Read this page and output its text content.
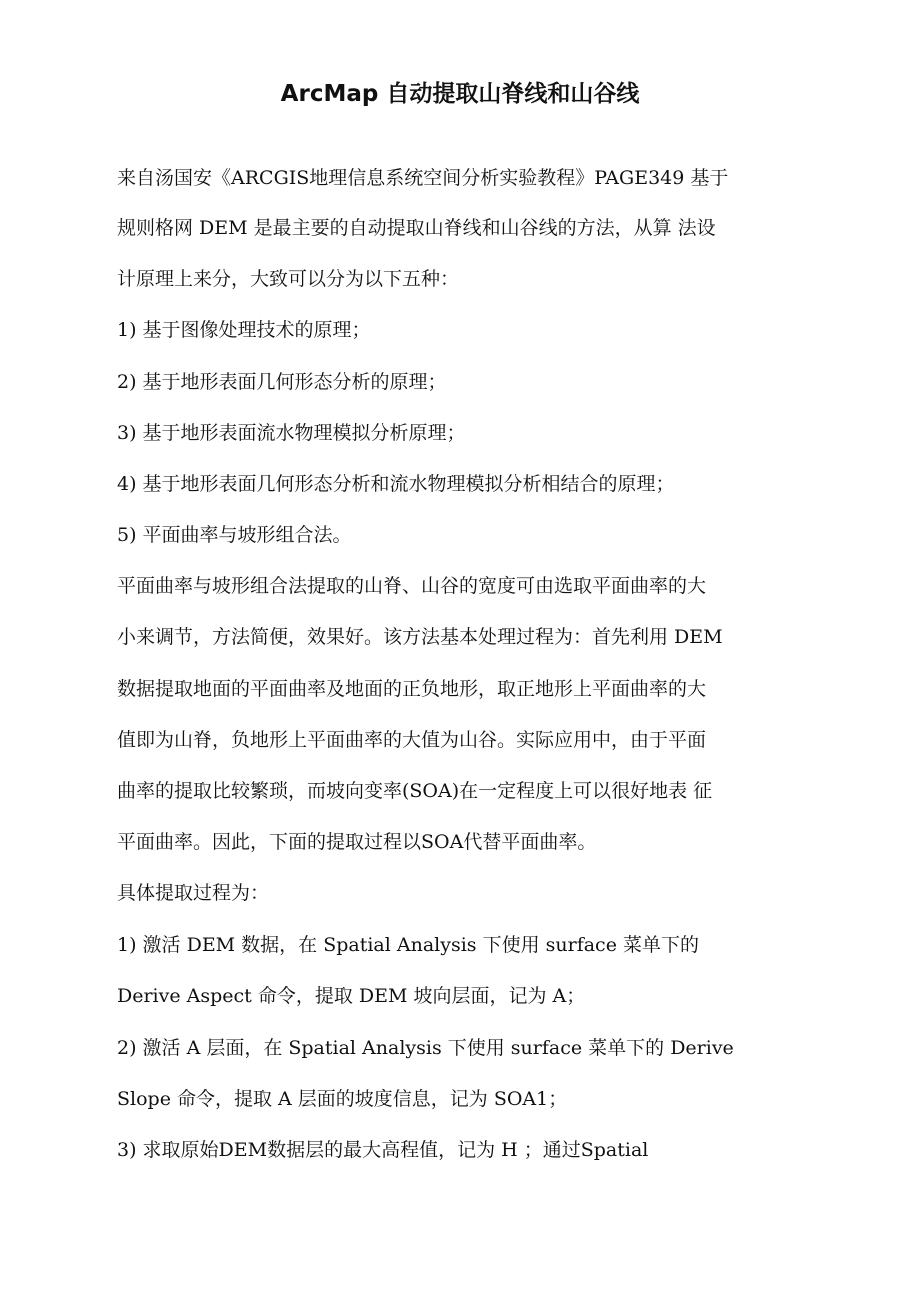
ArcMap 自动提取山脊线和山谷线

来自汤国安《ARCGIS地理信息系统空间分析实验教程》PAGE349 基于

规则格网 DEM 是最主要的自动提取山脊线和山谷线的方法，从算 法设

计原理上来分，大致可以分为以下五种：

1) 基于图像处理技术的原理；

2) 基于地形表面几何形态分析的原理；

3) 基于地形表面流水物理模拟分析原理；

4) 基于地形表面几何形态分析和流水物理模拟分析相结合的原理；

5) 平面曲率与坡形组合法。

平面曲率与坡形组合法提取的山脊、山谷的宽度可由选取平面曲率的大

小来调节，方法简便，效果好。该方法基本处理过程为：首先利用 DEM

数据提取地面的平面曲率及地面的正负地形，取正地形上平面曲率的大

值即为山脊，负地形上平面曲率的大值为山谷。实际应用中，由于平面

曲率的提取比较繁琐，而坡向变率(SOA)在一定程度上可以很好地表 征

平面曲率。因此，下面的提取过程以SOA代替平面曲率。

具体提取过程为：

1) 激活 DEM 数据，在 Spatial Analysis 下使用 surface 菜单下的

Derive Aspect 命令，提取 DEM 坡向层面，记为 A；

2) 激活 A 层面，在 Spatial Analysis 下使用 surface 菜单下的 Derive

Slope 命令，提取 A 层面的坡度信息，记为 SOA1；

3) 求取原始DEM数据层的最大高程值，记为 H ；通过Spatial
